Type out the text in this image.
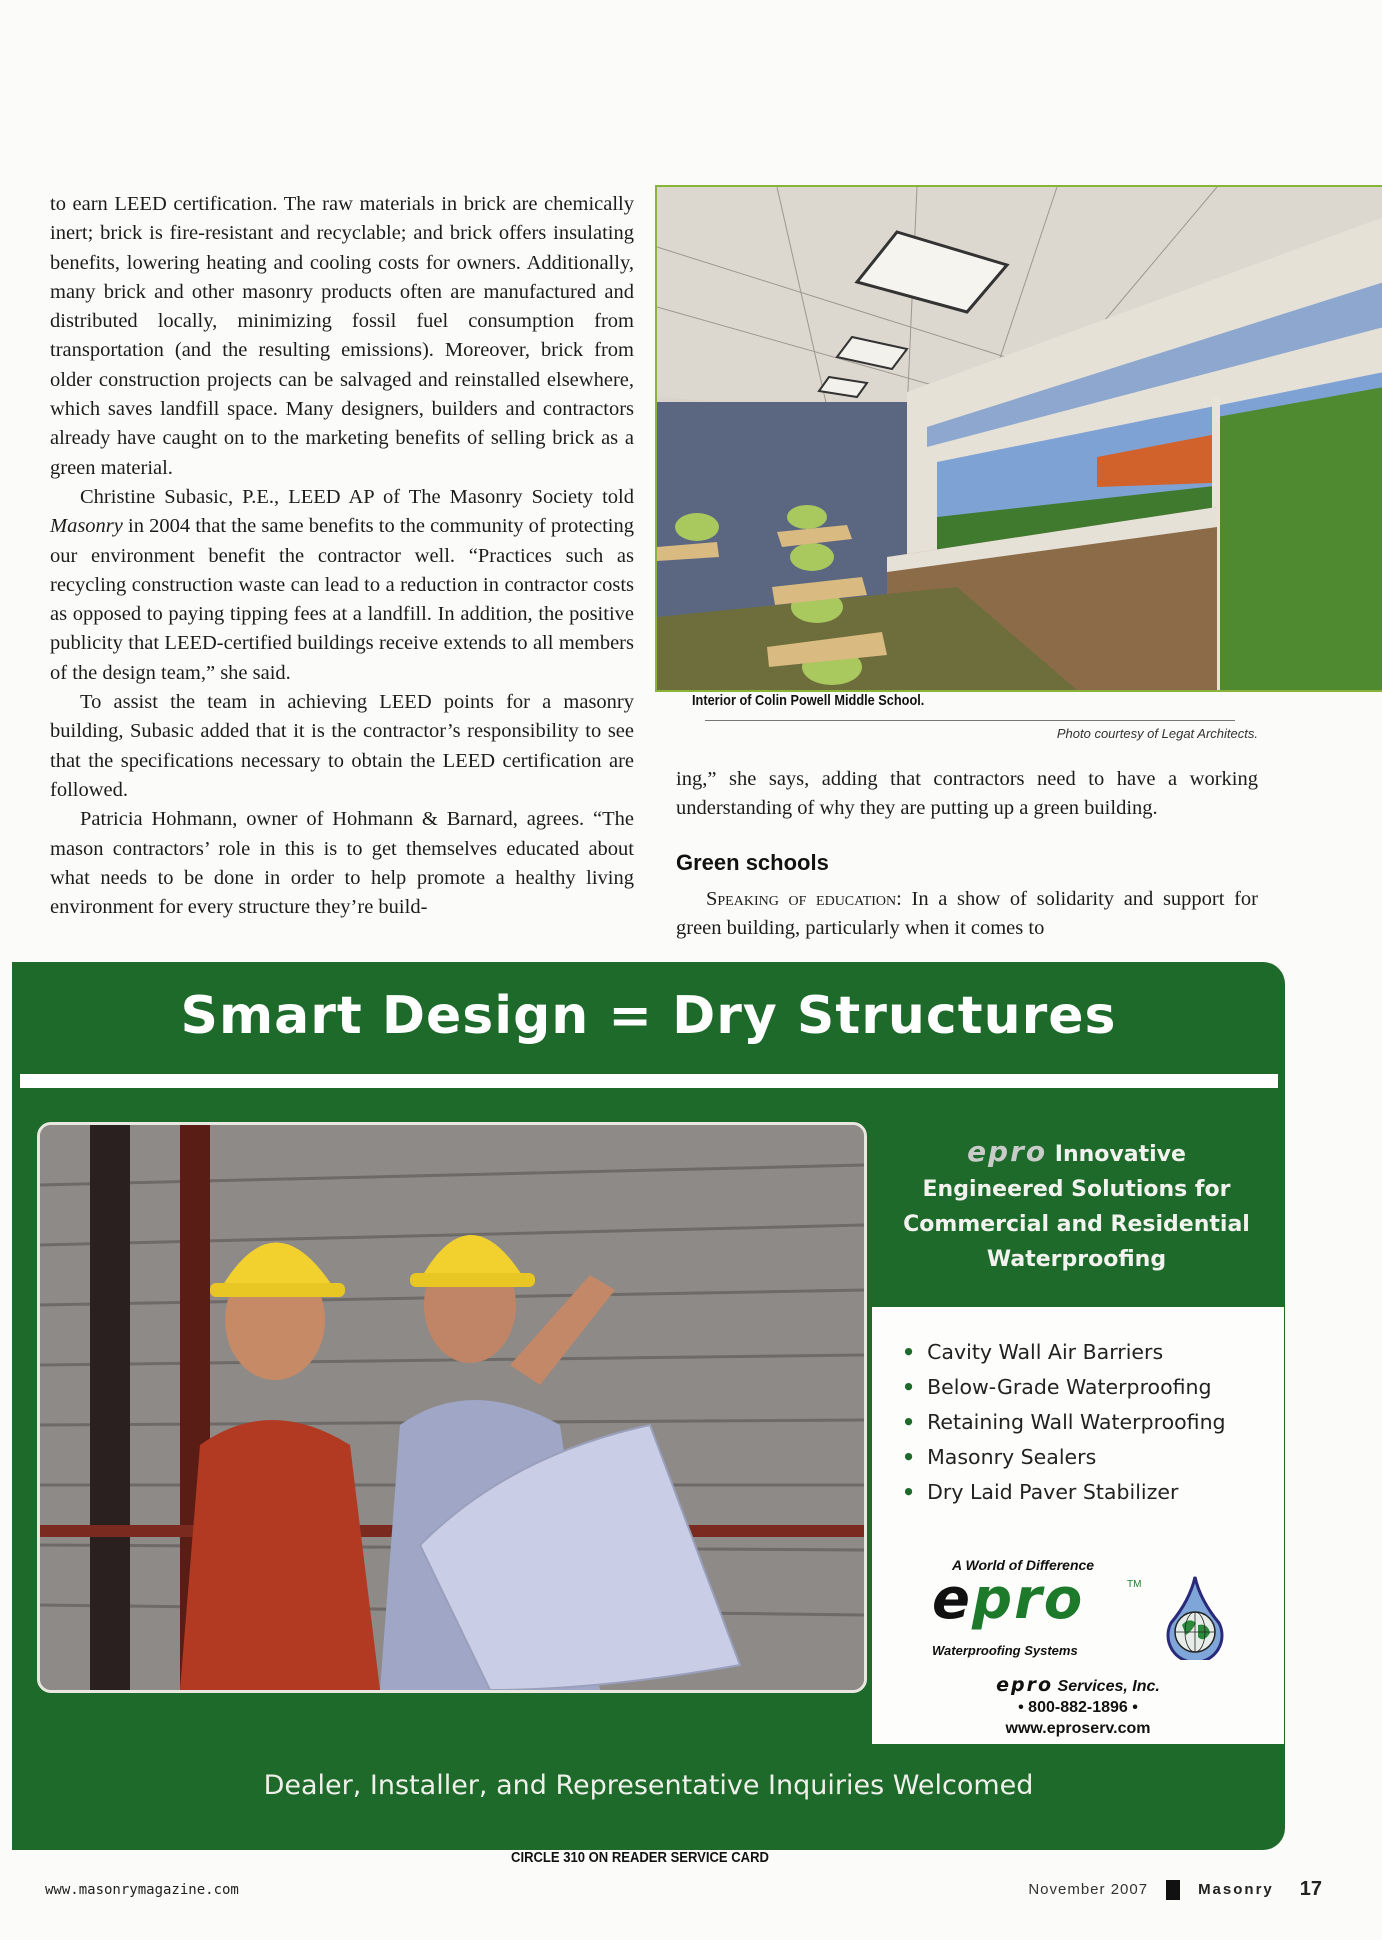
to earn LEED certification. The raw materials in brick are chemically inert; brick is fire-resistant and recyclable; and brick offers insulating benefits, lowering heating and cooling costs for owners. Additionally, many brick and other masonry products often are manufactured and distributed locally, minimizing fossil fuel consumption from transportation (and the resulting emissions). Moreover, brick from older construction projects can be salvaged and reinstalled elsewhere, which saves landfill space. Many designers, builders and contractors already have caught on to the marketing benefits of selling brick as a green material.

Christine Subasic, P.E., LEED AP of The Masonry Society told Masonry in 2004 that the same benefits to the community of protecting our environment benefit the contractor well. “Practices such as recycling construction waste can lead to a reduction in contractor costs as opposed to paying tipping fees at a landfill. In addition, the positive publicity that LEED-certified buildings receive extends to all members of the design team,” she said.

To assist the team in achieving LEED points for a masonry building, Subasic added that it is the contractor’s responsibility to see that the specifications necessary to obtain the LEED certification are followed.

Patricia Hohmann, owner of Hohmann & Barnard, agrees. “The mason contractors’ role in this is to get themselves educated about what needs to be done in order to help promote a healthy living environment for every structure they’re build-

Interior of Colin Powell Middle School.
Photo courtesy of Legat Architects.

ing,” she says, adding that contractors need to have a working understanding of why they are putting up a green building.

Green schools

Speaking of education: In a show of solidarity and support for green building, particularly when it comes to

Smart Design = Dry Structures
epro Innovative
Engineered Solutions for
Commercial and Residential
Waterproofing
• Cavity Wall Air Barriers
• Below-Grade Waterproofing
• Retaining Wall Waterproofing
• Masonry Sealers
• Dry Laid Paver Stabilizer
A World of Difference
epro	TM
Waterproofing Systems
epro Services, Inc.
• 800-882-1896 •
www.eproserv.com
Dealer, Installer, and Representative Inquiries Welcomed
CIRCLE 310 ON READER SERVICE CARD
www.masonrymagazine.com	November 2007	Masonry 17
